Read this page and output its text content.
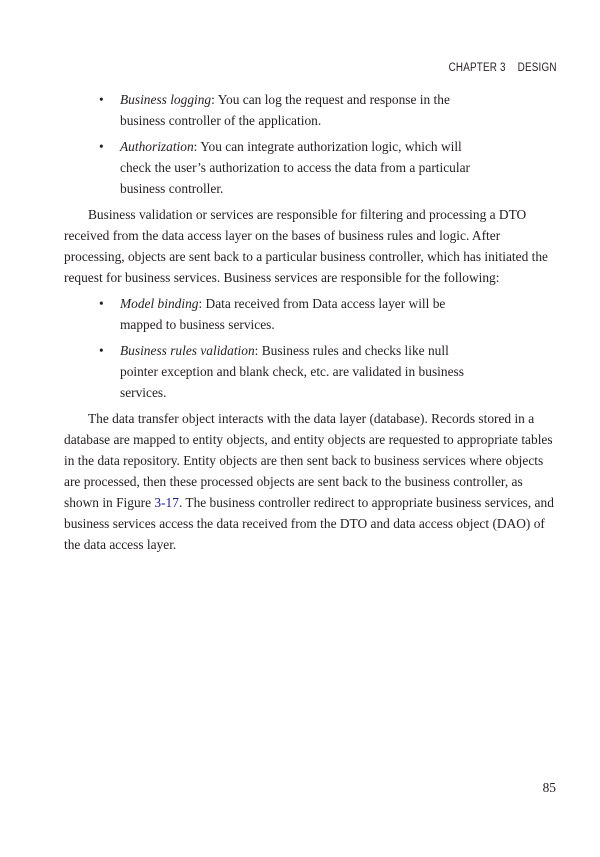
CHAPTER 3 DESIGN
• Business logging: You can log the request and response in the business controller of the application.
• Authorization: You can integrate authorization logic, which will check the user’s authorization to access the data from a particular business controller.

Business validation or services are responsible for filtering and processing a DTO received from the data access layer on the bases of business rules and logic. After processing, objects are sent back to a particular business controller, which has initiated the request for business services. Business services are responsible for the following:

• Model binding: Data received from Data access layer will be mapped to business services.
• Business rules validation: Business rules and checks like null pointer exception and blank check, etc. are validated in business services.

The data transfer object interacts with the data layer (database). Records stored in a database are mapped to entity objects, and entity objects are requested to appropriate tables in the data repository. Entity objects are then sent back to business services where objects are processed, then these processed objects are sent back to the business controller, as shown in Figure 3-17. The business controller redirect to appropriate business services, and business services access the data received from the DTO and data access object (DAO) of the data access layer.

85
